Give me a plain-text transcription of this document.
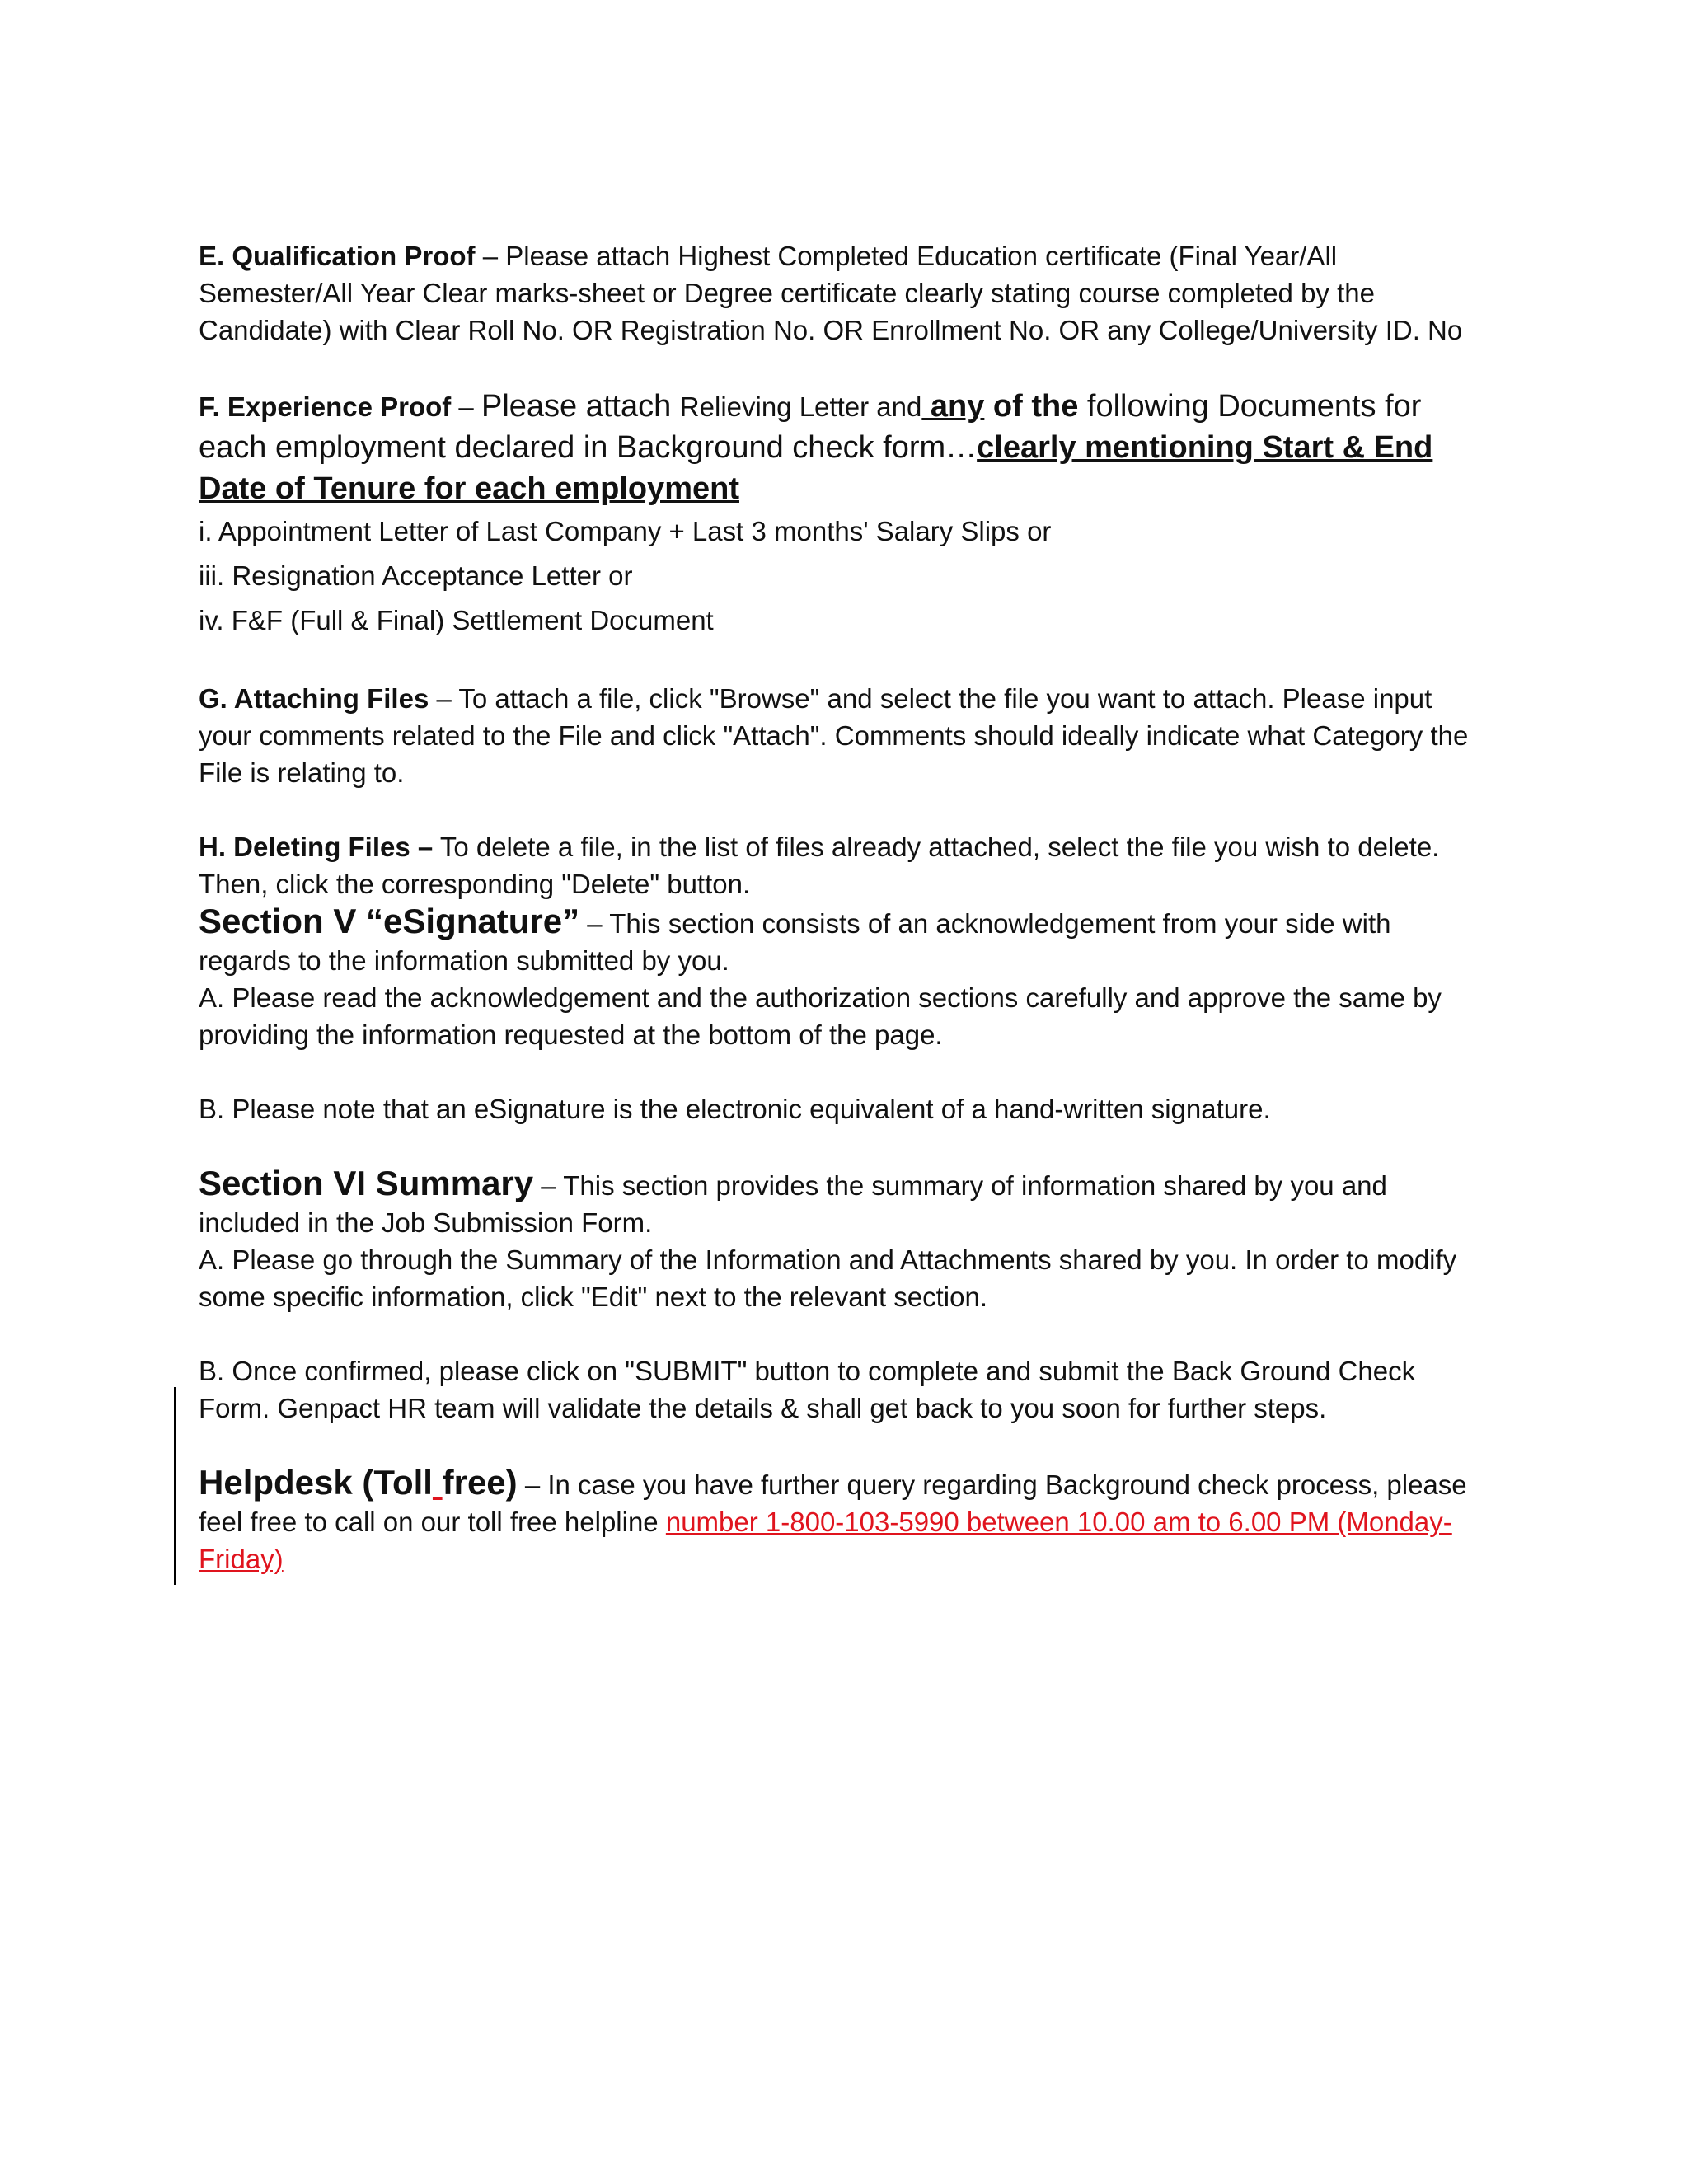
E. Qualification Proof – Please attach Highest Completed Education certificate (Final Year/All Semester/All Year Clear marks-sheet or Degree certificate clearly stating course completed by the Candidate) with Clear Roll No. OR Registration No. OR Enrollment No. OR any College/University ID. No

F. Experience Proof – Please attach Relieving Letter and any of the following Documents for each employment declared in Background check form…clearly mentioning Start & End Date of Tenure for each employment

i. Appointment Letter of Last Company + Last 3 months' Salary Slips or

iii. Resignation Acceptance Letter or

iv. F&F (Full & Final) Settlement Document

G. Attaching Files – To attach a file, click "Browse" and select the file you want to attach. Please input your comments related to the File and click "Attach". Comments should ideally indicate what Category the File is relating to.

H. Deleting Files – To delete a file, in the list of files already attached, select the file you wish to delete. Then, click the corresponding "Delete" button.

Section V “eSignature” – This section consists of an acknowledgement from your side with regards to the information submitted by you.

A. Please read the acknowledgement and the authorization sections carefully and approve the same by providing the information requested at the bottom of the page.

B. Please note that an eSignature is the electronic equivalent of a hand-written signature.

Section VI Summary – This section provides the summary of information shared by you and included in the Job Submission Form.

A. Please go through the Summary of the Information and Attachments shared by you. In order to modify some specific information, click "Edit" next to the relevant section.

B. Once confirmed, please click on "SUBMIT" button to complete and submit the Back Ground Check Form. Genpact HR team will validate the details & shall get back to you soon for further steps.

Helpdesk (Toll free) – In case you have further query regarding Background check process, please feel free to call on our toll free helpline number 1-800-103-5990 between 10.00 am to 6.00 PM (Monday- Friday)
